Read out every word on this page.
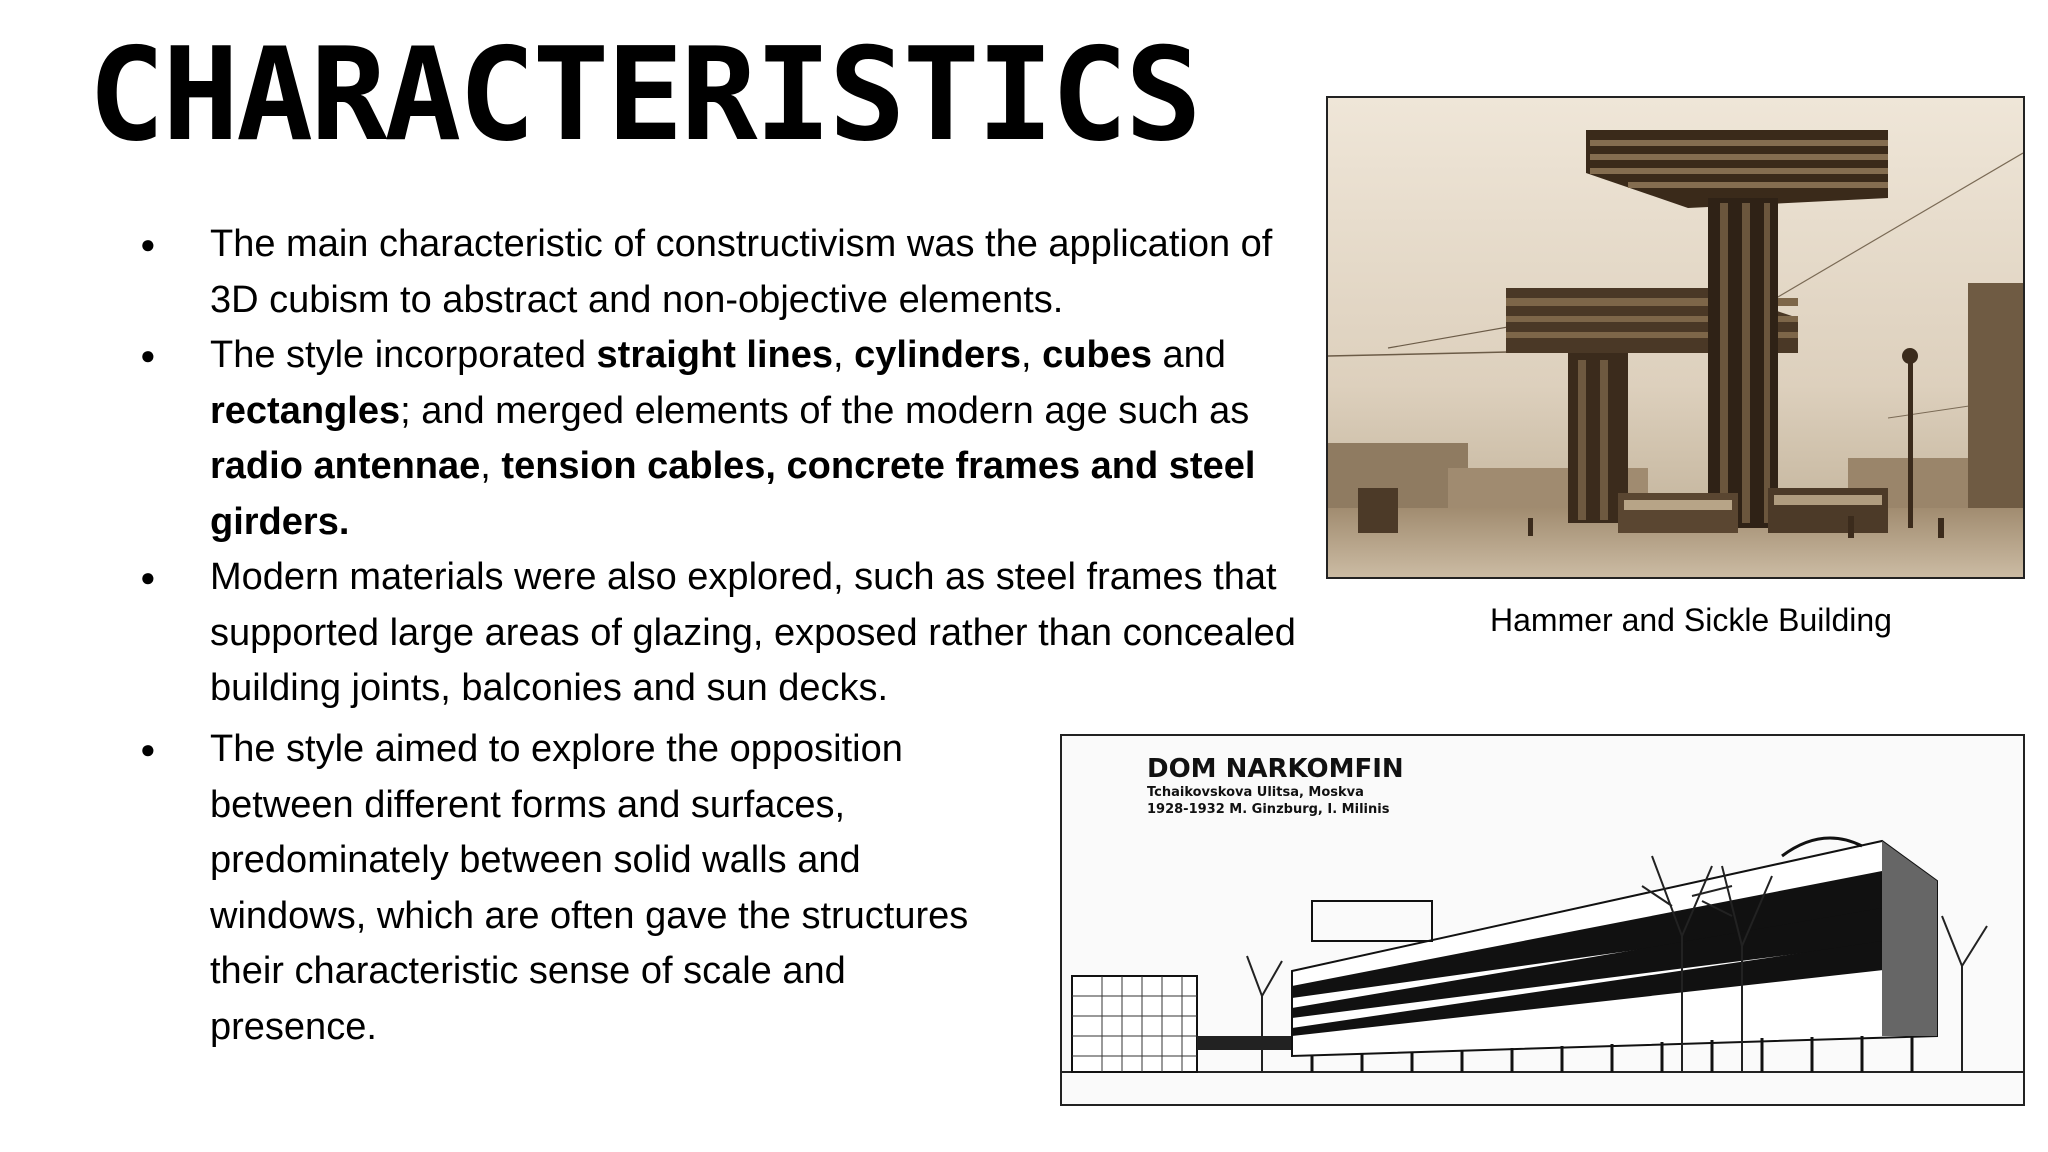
CHARACTERISTICS
● The main characteristic of constructivism was the application of 3D cubism to abstract and non-objective elements.
● The style incorporated straight lines, cylinders, cubes and rectangles; and merged elements of the modern age such as radio antennae, tension cables, concrete frames and steel girders.
● Modern materials were also explored, such as steel frames that supported large areas of glazing, exposed rather than concealed building joints, balconies and sun decks.
● The style aimed to explore the opposition between different forms and surfaces, predominately between solid walls and windows, which are often gave the structures their characteristic sense of scale and presence.
Hammer and Sickle Building
DOM NARKOMFIN
Tchaikovskova Ulitsa, Moskva
1928-1932 M. Ginzburg, I. Milinis
